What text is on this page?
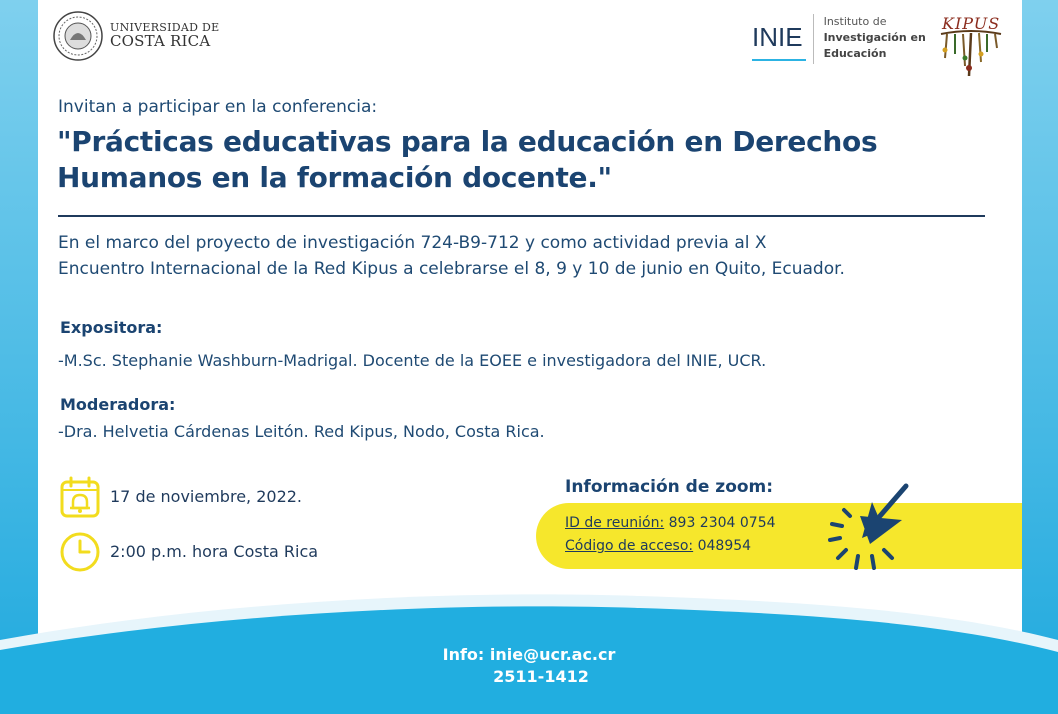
UNIVERSIDAD DE
COSTA RICA	INIE
Instituto de
Investigación en
Educación
KIPUS
Invitan a participar en la conferencia:
"Prácticas educativas para la educación en Derechos
Humanos en la formación docente."
En el marco del proyecto de investigación 724-B9-712 y como actividad previa al X
Encuentro Internacional de la Red Kipus a celebrarse el 8, 9 y 10 de junio en Quito, Ecuador.
Expositora:
-M.Sc. Stephanie Washburn-Madrigal. Docente de la EOEE e investigadora del INIE, UCR.
Moderadora:
-Dra. Helvetia Cárdenas Leitón. Red Kipus, Nodo, Costa Rica.
17 de noviembre, 2022.
2:00 p.m. hora Costa Rica
Información de zoom:
ID de reunión: 893 2304 0754
Código de acceso: 048954
Info: inie@ucr.ac.cr
2511-1412
